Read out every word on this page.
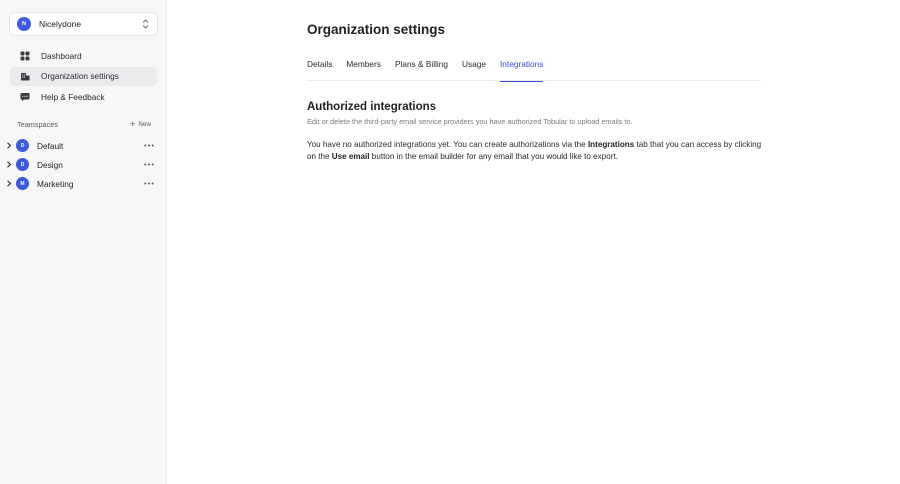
N	Nicelydone
Dashboard
Organization settings
Help & Feedback
Teamspaces	+ New
D	Default
D	Design
M	Marketing
Organization settings
Details Members Plans & Billing Usage Integrations
Authorized integrations

Edit or delete the third-party email service providers you have authorized Tobular to upload emails to.

You have no authorized integrations yet. You can create authorizations via the Integrations tab that you can access by clicking on the Use email button in the email builder for any email that you would like to export.
